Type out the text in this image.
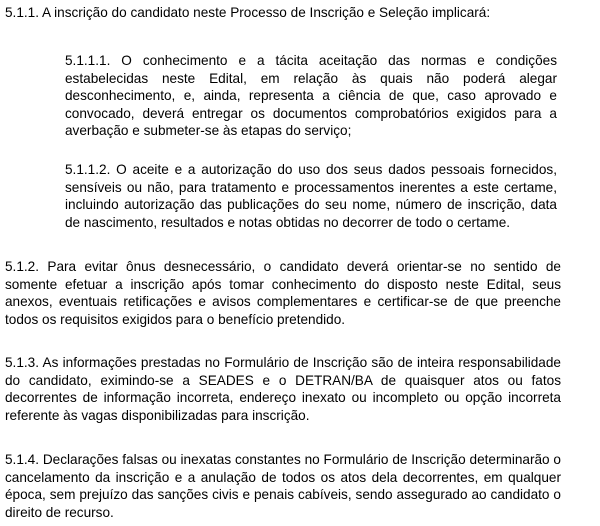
5.1.1. A inscrição do candidato neste Processo de Inscrição e Seleção implicará:

5.1.1.1. O conhecimento e a tácita aceitação das normas e condições estabelecidas neste Edital, em relação às quais não poderá alegar desconhecimento, e, ainda, representa a ciência de que, caso aprovado e convocado, deverá entregar os documentos comprobatórios exigidos para a averbação e submeter-se às etapas do serviço;

5.1.1.2. O aceite e a autorização do uso dos seus dados pessoais fornecidos, sensíveis ou não, para tratamento e processamentos inerentes a este certame, incluindo autorização das publicações do seu nome, número de inscrição, data de nascimento, resultados e notas obtidas no decorrer de todo o certame.

5.1.2. Para evitar ônus desnecessário, o candidato deverá orientar-se no sentido de somente efetuar a inscrição após tomar conhecimento do disposto neste Edital, seus anexos, eventuais retificações e avisos complementares e certificar-se de que preenche todos os requisitos exigidos para o benefício pretendido.

5.1.3. As informações prestadas no Formulário de Inscrição são de inteira responsabilidade do candidato, eximindo-se a SEADES e o DETRAN/BA de quaisquer atos ou fatos decorrentes de informação incorreta, endereço inexato ou incompleto ou opção incorreta referente às vagas disponibilizadas para inscrição.

5.1.4. Declarações falsas ou inexatas constantes no Formulário de Inscrição determinarão o cancelamento da inscrição e a anulação de todos os atos dela decorrentes, em qualquer época, sem prejuízo das sanções civis e penais cabíveis, sendo assegurado ao candidato o direito de recurso.
